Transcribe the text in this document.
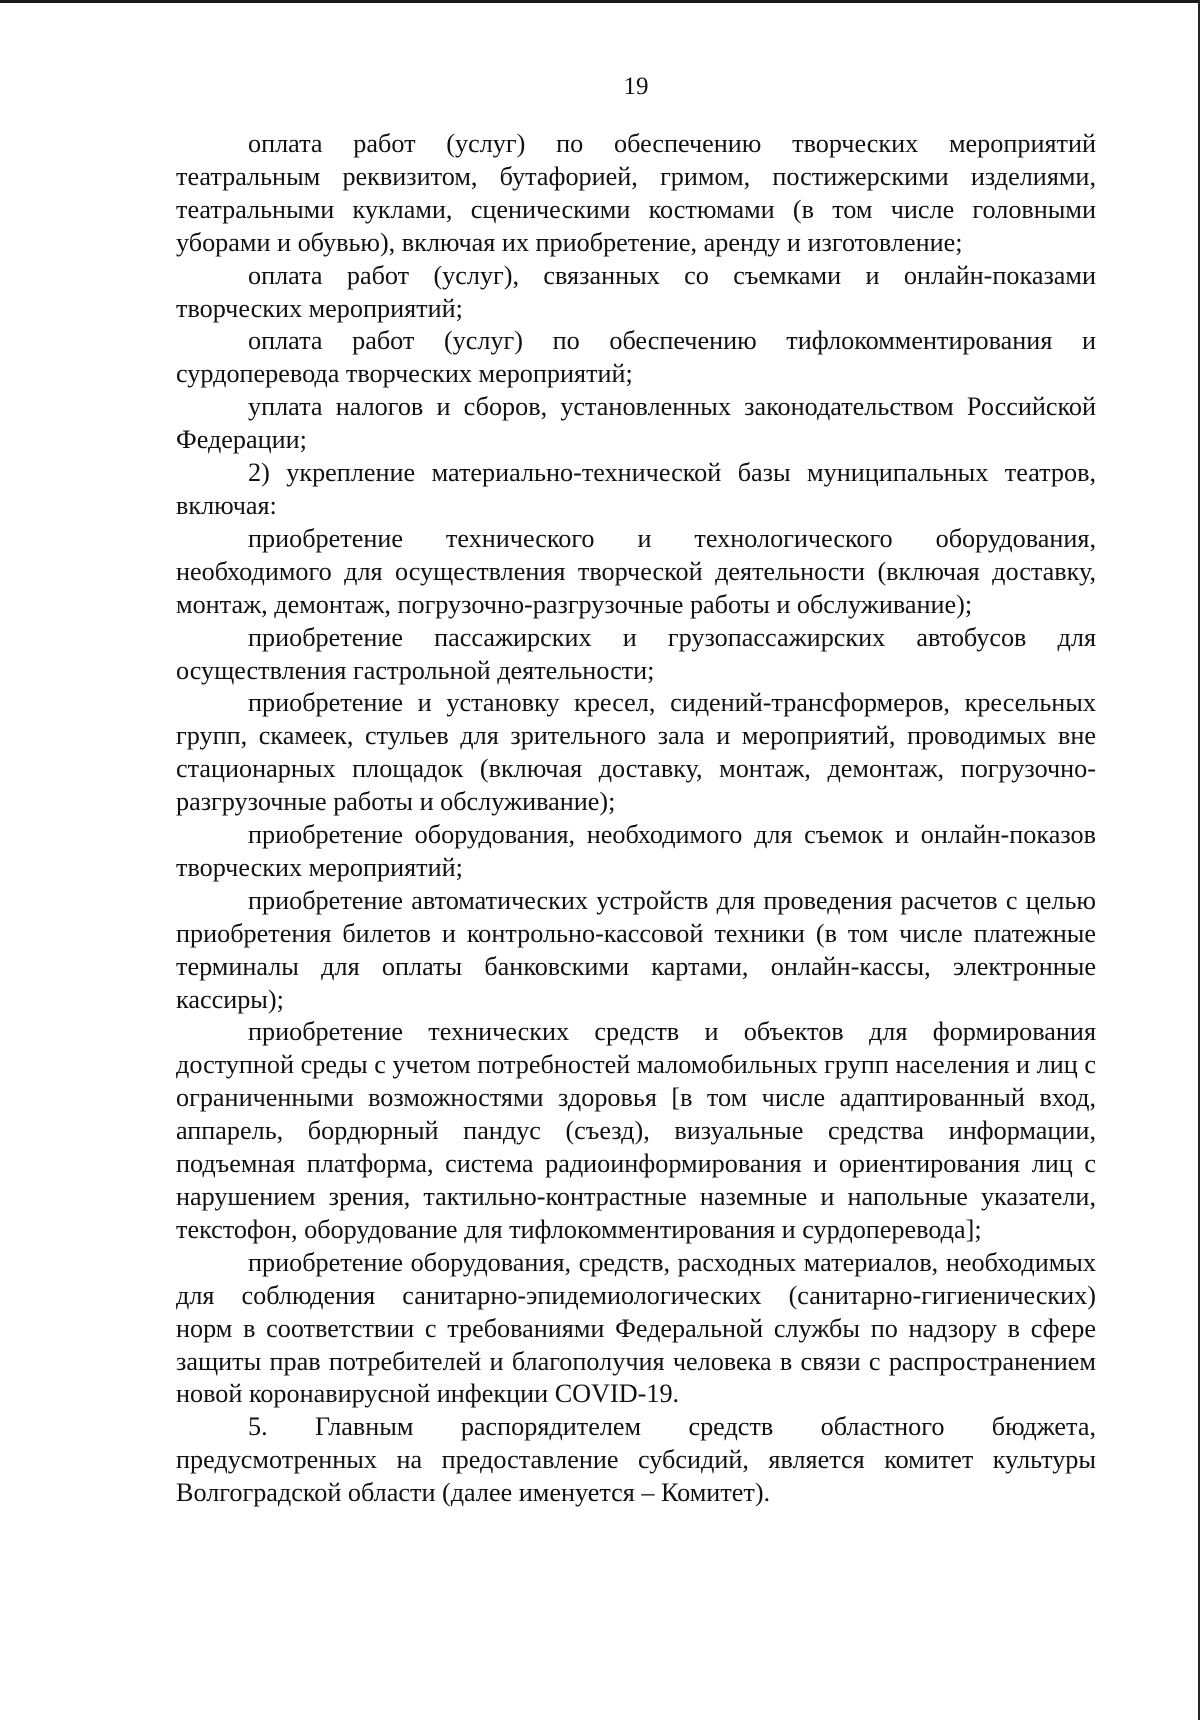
19

оплата работ (услуг) по обеспечению творческих мероприятий театральным реквизитом, бутафорией, гримом, постижерскими изделиями, театральными куклами, сценическими костюмами (в том числе головными уборами и обувью), включая их приобретение, аренду и изготовление;

оплата работ (услуг), связанных со съемками и онлайн-показами творческих мероприятий;

оплата работ (услуг) по обеспечению тифлокомментирования и сурдоперевода творческих мероприятий;

уплата налогов и сборов, установленных законодательством Российской Федерации;

2) укрепление материально-технической базы муниципальных театров, включая:

приобретение технического и технологического оборудования, необходимого для осуществления творческой деятельности (включая доставку, монтаж, демонтаж, погрузочно-разгрузочные работы и обслуживание);

приобретение пассажирских и грузопассажирских автобусов для осуществления гастрольной деятельности;

приобретение и установку кресел, сидений-трансформеров, кресельных групп, скамеек, стульев для зрительного зала и мероприятий, проводимых вне стационарных площадок (включая доставку, монтаж, демонтаж, погрузочно-разгрузочные работы и обслуживание);

приобретение оборудования, необходимого для съемок и онлайн-показов творческих мероприятий;

приобретение автоматических устройств для проведения расчетов с целью приобретения билетов и контрольно-кассовой техники (в том числе платежные терминалы для оплаты банковскими картами, онлайн-кассы, электронные кассиры);

приобретение технических средств и объектов для формирования доступной среды с учетом потребностей маломобильных групп населения и лиц с ограниченными возможностями здоровья [в том числе адаптированный вход, аппарель, бордюрный пандус (съезд), визуальные средства информации, подъемная платформа, система радиоинформирования и ориентирования лиц с нарушением зрения, тактильно-контрастные наземные и напольные указатели, текстофон, оборудование для тифлокомментирования и сурдоперевода];

приобретение оборудования, средств, расходных материалов, необходимых для соблюдения санитарно-эпидемиологических (санитарно-гигиенических) норм в соответствии с требованиями Федеральной службы по надзору в сфере защиты прав потребителей и благополучия человека в связи с распространением новой коронавирусной инфекции COVID-19.

5. Главным распорядителем средств областного бюджета, предусмотренных на предоставление субсидий, является комитет культуры Волгоградской области (далее именуется – Комитет).
